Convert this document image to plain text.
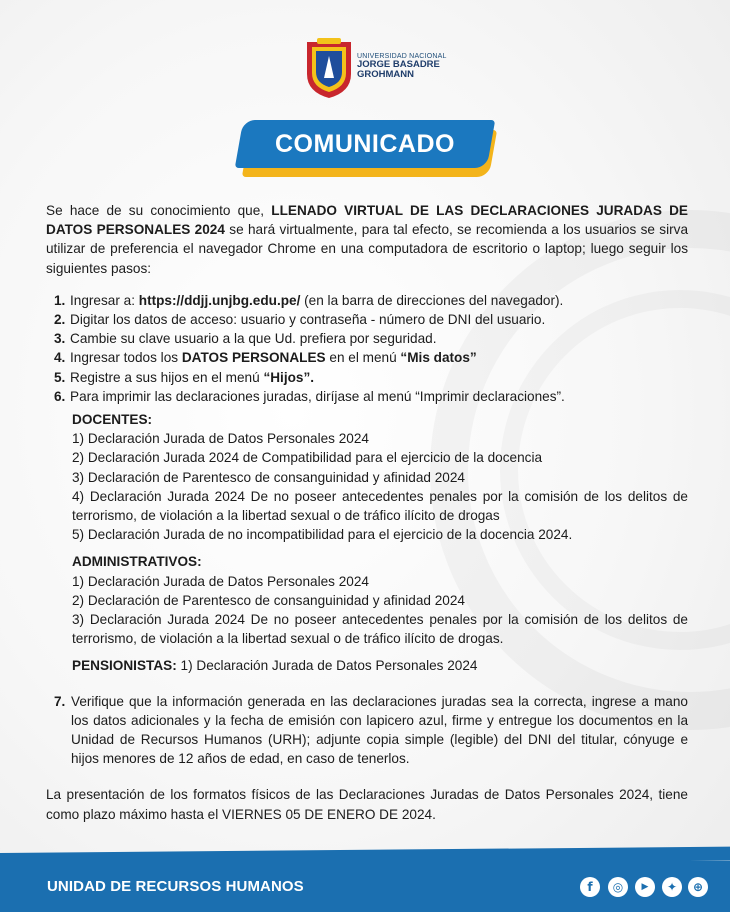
UNIVERSIDAD NACIONAL
JORGE BASADRE
GROHMANN
COMUNICADO

Se hace de su conocimiento que, LLENADO VIRTUAL DE LAS DECLARACIONES JURADAS DE DATOS PERSONALES 2024 se hará virtualmente, para tal efecto, se recomienda a los usuarios se sirva utilizar de preferencia el navegador Chrome en una computadora de escritorio o laptop; luego seguir los siguientes pasos:

1. Ingresar a: https://ddjj.unjbg.edu.pe/ (en la barra de direcciones del navegador).
2. Digitar los datos de acceso: usuario y contraseña - número de DNI del usuario.
3. Cambie su clave usuario a la que Ud. prefiera por seguridad.
4. Ingresar todos los DATOS PERSONALES en el menú “Mis datos”
5. Registre a sus hijos en el menú “Hijos”.
6. Para imprimir las declaraciones juradas, diríjase al menú “Imprimir declaraciones”.
DOCENTES:

1) Declaración Jurada de Datos Personales 2024

2) Declaración Jurada 2024 de Compatibilidad para el ejercicio de la docencia

3) Declaración de Parentesco de consanguinidad y afinidad 2024

4) Declaración Jurada 2024 De no poseer antecedentes penales por la comisión de los delitos de terrorismo, de violación a la libertad sexual o de tráfico ilícito de drogas

5) Declaración Jurada de no incompatibilidad para el ejercicio de la docencia 2024.

ADMINISTRATIVOS:

1) Declaración Jurada de Datos Personales 2024

2) Declaración de Parentesco de consanguinidad y afinidad 2024

3) Declaración Jurada 2024 De no poseer antecedentes penales por la comisión de los delitos de terrorismo, de violación a la libertad sexual o de tráfico ilícito de drogas.

PENSIONISTAS: 1) Declaración Jurada de Datos Personales 2024
7. Verifique que la información generada en las declaraciones juradas sea la correcta, ingrese a mano los datos adicionales y la fecha de emisión con lapicero azul, firme y entregue los documentos en la Unidad de Recursos Humanos (URH); adjunte copia simple (legible) del DNI del titular, cónyuge e hijos menores de 12 años de edad, en caso de tenerlos.

La presentación de los formatos físicos de las Declaraciones Juradas de Datos Personales 2024, tiene como plazo máximo hasta el VIERNES 05 DE ENERO DE 2024.

UNIDAD DE RECURSOS HUMANOS	f	◎	▶	✦	⊕
